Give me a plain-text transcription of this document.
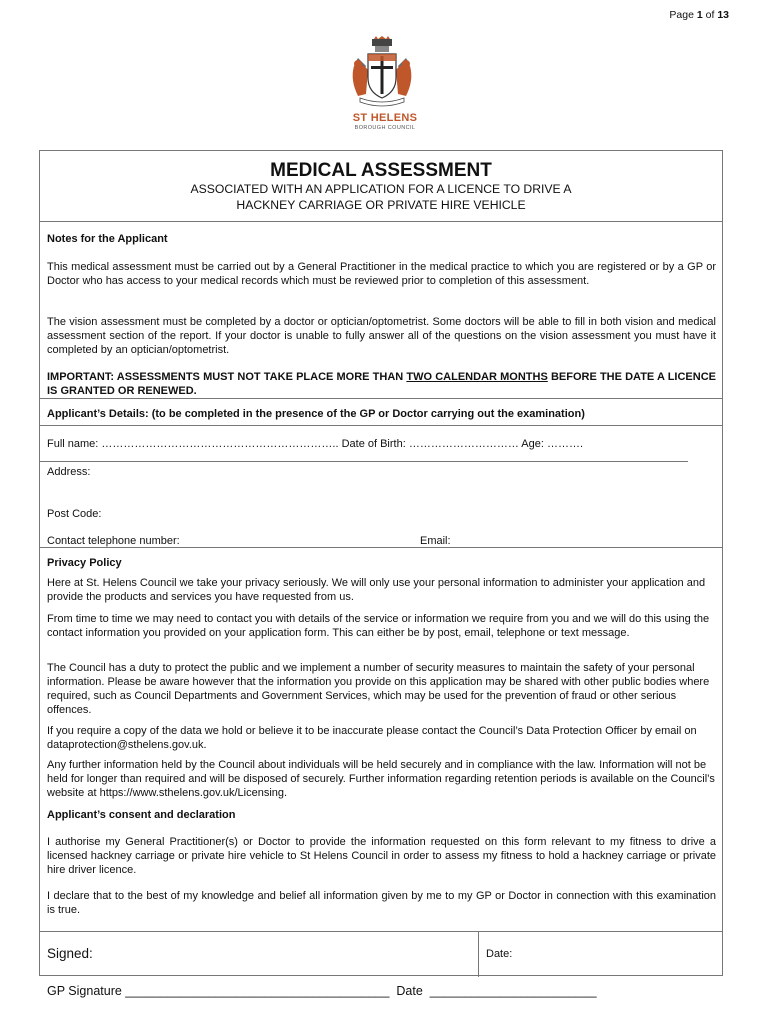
Page 1 of 13
ST HELENS
BOROUGH COUNCIL
MEDICAL ASSESSMENT
ASSOCIATED WITH AN APPLICATION FOR A LICENCE TO DRIVE A
HACKNEY CARRIAGE OR PRIVATE HIRE VEHICLE
Notes for the Applicant
This medical assessment must be carried out by a General Practitioner in the medical practice to which you are registered or by a GP or Doctor who has access to your medical records which must be reviewed prior to completion of this assessment.
The vision assessment must be completed by a doctor or optician/optometrist. Some doctors will be able to fill in both vision and medical assessment section of the report. If your doctor is unable to fully answer all of the questions on the vision assessment you must have it completed by an optician/optometrist.
IMPORTANT: ASSESSMENTS MUST NOT TAKE PLACE MORE THAN TWO CALENDAR MONTHS BEFORE THE DATE A LICENCE IS GRANTED OR RENEWED.
Applicant’s Details: (to be completed in the presence of the GP or Doctor carrying out the examination)
Full name: ……………………………………………………….. Date of Birth: ………………………… Age: ……….
Address:
Post Code:
Contact telephone number:	Email:
Privacy Policy
Here at St. Helens Council we take your privacy seriously. We will only use your personal information to administer your application and provide the products and services you have requested from us.
From time to time we may need to contact you with details of the service or information we require from you and we will do this using the contact information you provided on your application form. This can either be by post, email, telephone or text message.
The Council has a duty to protect the public and we implement a number of security measures to maintain the safety of your personal information. Please be aware however that the information you provide on this application may be shared with other public bodies where required, such as Council Departments and Government Services, which may be used for the prevention of fraud or other serious offences.
If you require a copy of the data we hold or believe it to be inaccurate please contact the Council’s Data Protection Officer by email on dataprotection@sthelens.gov.uk.
Any further information held by the Council about individuals will be held securely and in compliance with the law. Information will not be held for longer than required and will be disposed of securely. Further information regarding retention periods is available on the Council’s website at https://www.sthelens.gov.uk/Licensing.
Applicant’s consent and declaration
I authorise my General Practitioner(s) or Doctor to provide the information requested on this form relevant to my fitness to drive a licensed hackney carriage or private hire vehicle to St Helens Council in order to assess my fitness to hold a hackney carriage or private hire driver licence.
I declare that to the best of my knowledge and belief all information given by me to my GP or Doctor in connection with this examination is true.
Signed:	Date:
GP Signature ______________________________________  Date  ________________________
